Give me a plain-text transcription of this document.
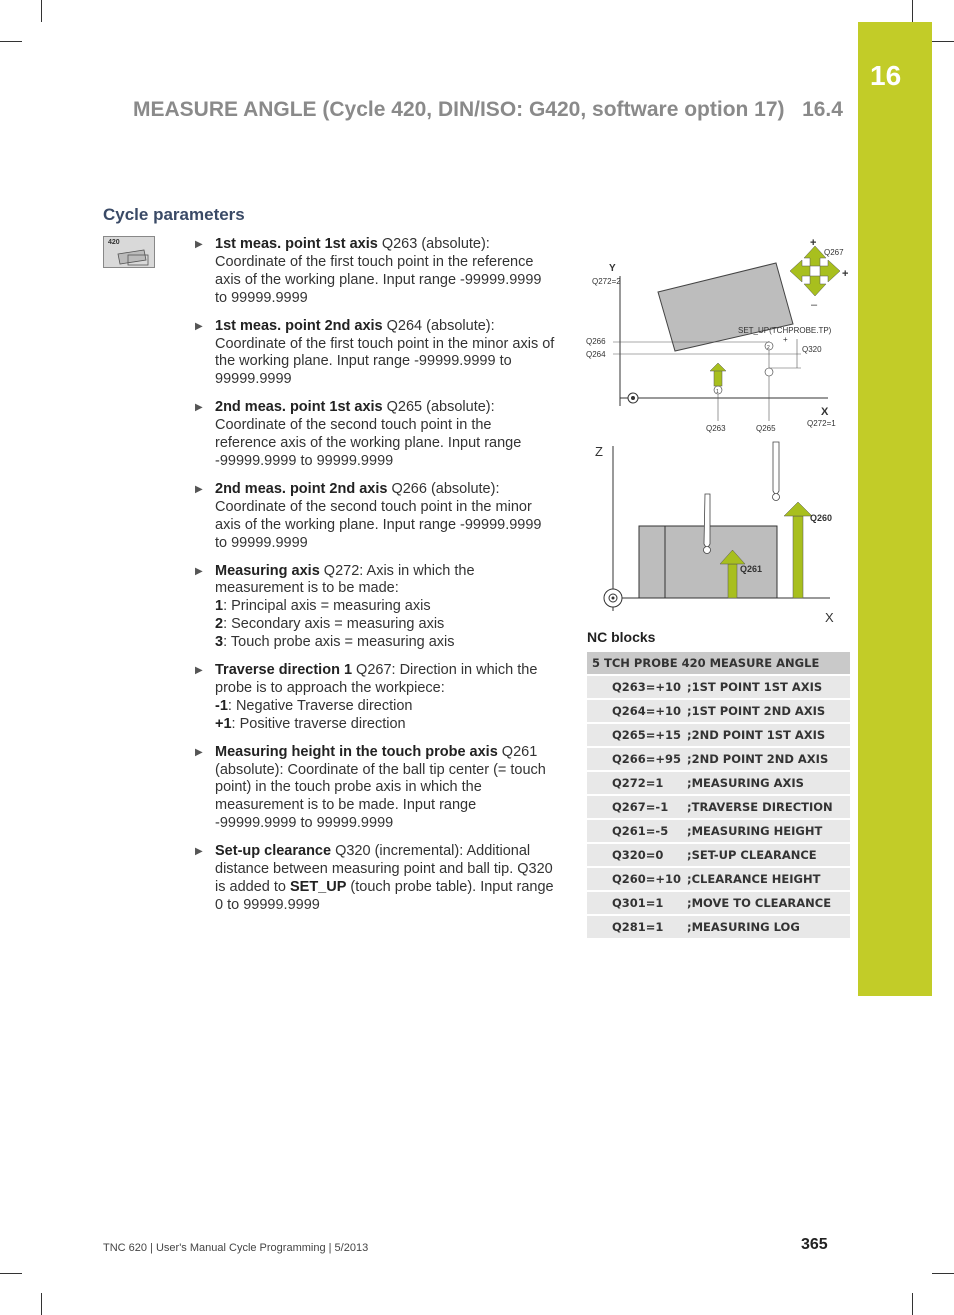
16
MEASURE ANGLE (Cycle 420, DIN/ISO: G420, software option 17) 16.4
Cycle parameters
420	▶ 1st meas. point 1st axis Q263 (absolute): Coordinate of the first touch point in the reference axis of the working plane. Input range -99999.9999 to 99999.9999
▶ 1st meas. point 2nd axis Q264 (absolute): Coordinate of the first touch point in the minor axis of the working plane. Input range -99999.9999 to 99999.9999
▶ 2nd meas. point 1st axis Q265 (absolute): Coordinate of the second touch point in the reference axis of the working plane. Input range -99999.9999 to 99999.9999
▶ 2nd meas. point 2nd axis Q266 (absolute): Coordinate of the second touch point in the minor axis of the working plane. Input range -99999.9999 to 99999.9999
▶ Measuring axis Q272: Axis in which the measurement is to be made:
1: Principal axis = measuring axis
2: Secondary axis = measuring axis
3: Touch probe axis = measuring axis
▶ Traverse direction 1 Q267: Direction in which the probe is to approach the workpiece:
-1: Negative Traverse direction
+1: Positive traverse direction
▶ Measuring height in the touch probe axis Q261 (absolute): Coordinate of the ball tip center (= touch point) in the touch probe axis in which the measurement is to be made. Input range -99999.9999 to 99999.9999
▶ Set-up clearance Q320 (incremental): Additional distance between measuring point and ball tip. Q320 is added to SET_UP (touch probe table). Input range 0 to 99999.9999
Y
Q272=2
X
Q272=1
Q266
Q264
Q263	Q265
1
2
SET_UP(TCHPROBE.TP)
+
Q320
+
+
–
Q267
Z
X
Q261
Q260
NC blocks
5 TCH PROBE 420 MEASURE ANGLE	
Q263=+10	;1ST POINT 1ST AXIS
Q264=+10	;1ST POINT 2ND AXIS
Q265=+15	;2ND POINT 1ST AXIS
Q266=+95	;2ND POINT 2ND AXIS
Q272=1	;MEASURING AXIS
Q267=-1	;TRAVERSE DIRECTION
Q261=-5	;MEASURING HEIGHT
Q320=0	;SET-UP CLEARANCE
Q260=+10	;CLEARANCE HEIGHT
Q301=1	;MOVE TO CLEARANCE
Q281=1	;MEASURING LOG
TNC 620 | User's Manual Cycle Programming | 5/2013	365
